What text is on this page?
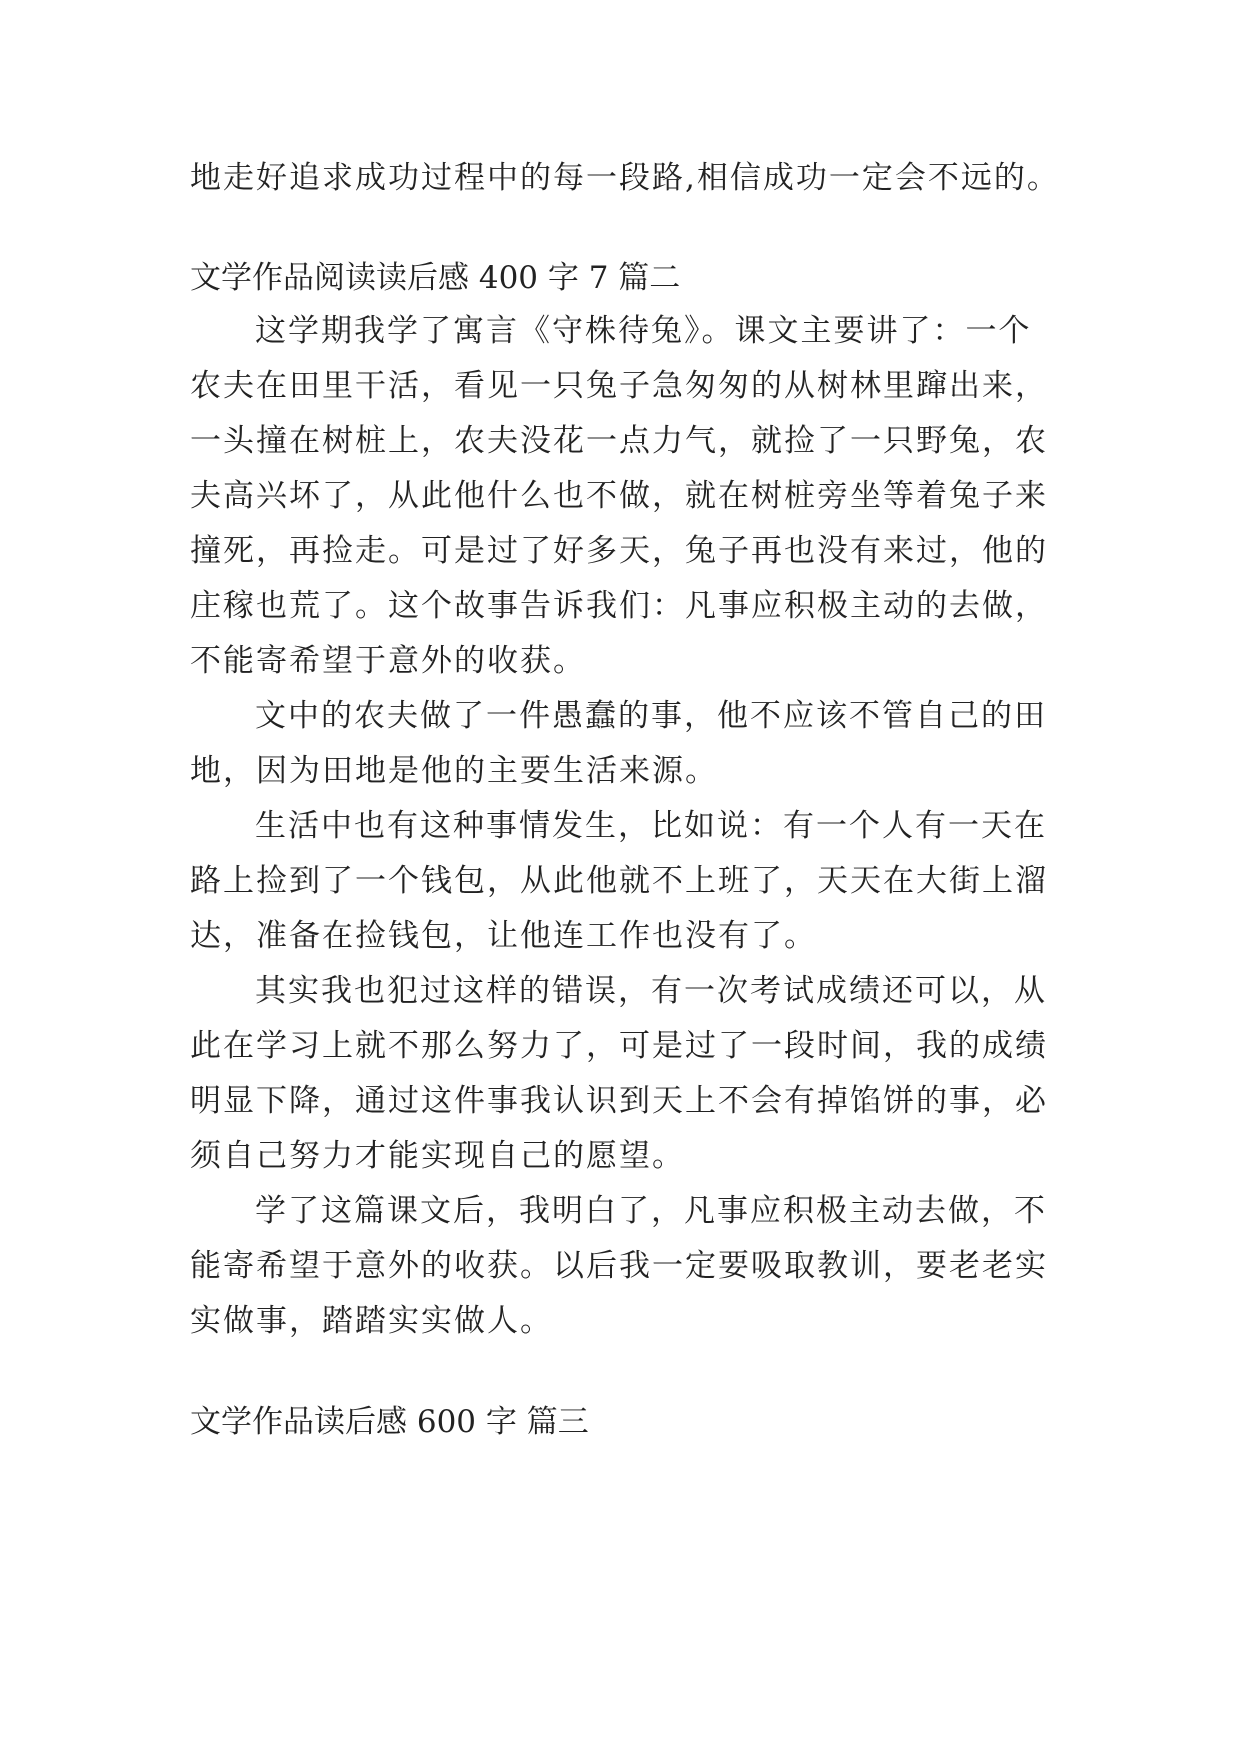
地走好追求成功过程中的每一段路,相信成功一定会不远的。
文学作品阅读读后感 400 字 7 篇二
这学期我学了寓言《守株待兔》。课文主要讲了：一个
农夫在田里干活，看见一只兔子急匆匆的从树林里蹿出来，
一头撞在树桩上，农夫没花一点力气，就捡了一只野兔，农
夫高兴坏了，从此他什么也不做，就在树桩旁坐等着兔子来
撞死，再捡走。可是过了好多天，兔子再也没有来过，他的
庄稼也荒了。这个故事告诉我们：凡事应积极主动的去做，
不能寄希望于意外的收获。
文中的农夫做了一件愚蠢的事，他不应该不管自己的田
地，因为田地是他的主要生活来源。
生活中也有这种事情发生，比如说：有一个人有一天在
路上捡到了一个钱包，从此他就不上班了，天天在大街上溜
达，准备在捡钱包，让他连工作也没有了。
其实我也犯过这样的错误，有一次考试成绩还可以，从
此在学习上就不那么努力了，可是过了一段时间，我的成绩
明显下降，通过这件事我认识到天上不会有掉馅饼的事，必
须自己努力才能实现自己的愿望。
学了这篇课文后，我明白了，凡事应积极主动去做，不
能寄希望于意外的收获。以后我一定要吸取教训，要老老实
实做事，踏踏实实做人。
文学作品读后感 600 字 篇三
